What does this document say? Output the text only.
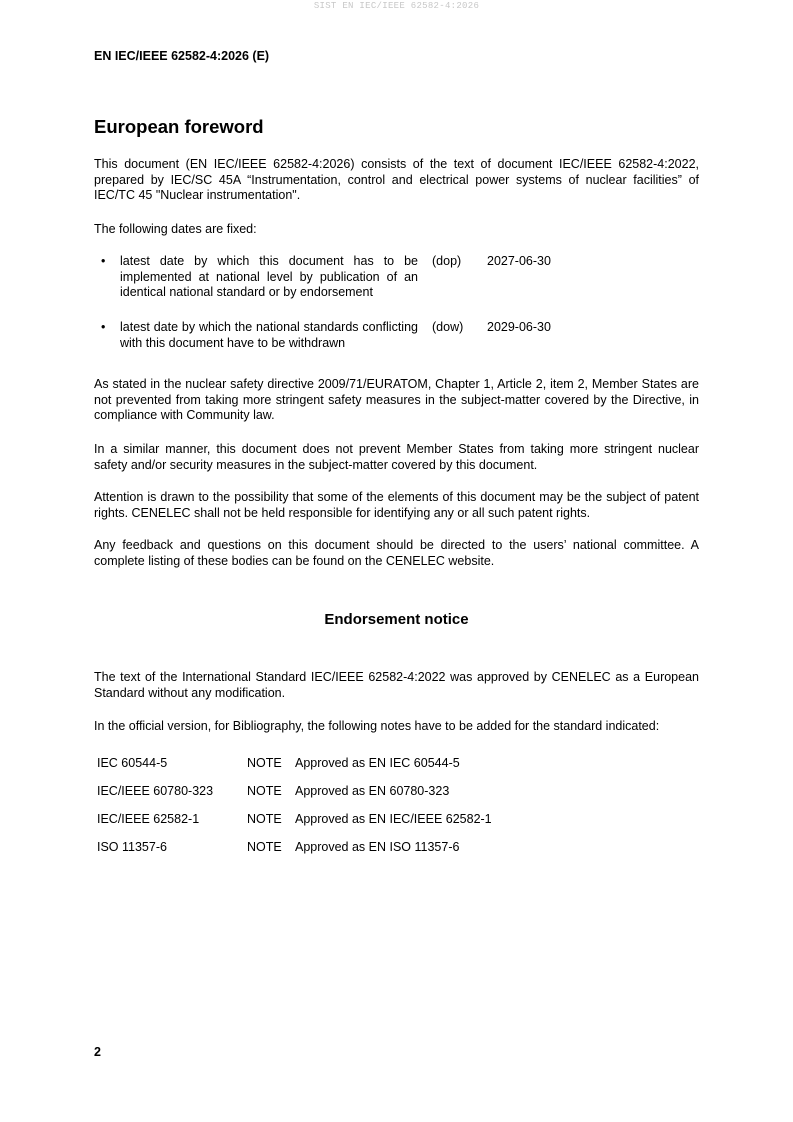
SIST EN IEC/IEEE 62582-4:2026
EN IEC/IEEE 62582-4:2026 (E)
European foreword
This document (EN IEC/IEEE 62582-4:2026) consists of the text of document IEC/IEEE 62582-4:2022, prepared by IEC/SC 45A “Instrumentation, control and electrical power systems of nuclear facilities” of IEC/TC 45 "Nuclear instrumentation".
The following dates are fixed:
• latest date by which this document has to be implemented at national level by publication of an identical national standard or by endorsement
(dop) 2027-06-30
• latest date by which the national standards conflicting with this document have to be withdrawn
(dow) 2029-06-30
As stated in the nuclear safety directive 2009/71/EURATOM, Chapter 1, Article 2, item 2, Member States are not prevented from taking more stringent safety measures in the subject-matter covered by the Directive, in compliance with Community law.
In a similar manner, this document does not prevent Member States from taking more stringent nuclear safety and/or security measures in the subject-matter covered by this document.
Attention is drawn to the possibility that some of the elements of this document may be the subject of patent rights. CENELEC shall not be held responsible for identifying any or all such patent rights.
Any feedback and questions on this document should be directed to the users’ national committee. A complete listing of these bodies can be found on the CENELEC website.
Endorsement notice
The text of the International Standard IEC/IEEE 62582-4:2022 was approved by CENELEC as a European Standard without any modification.
In the official version, for Bibliography, the following notes have to be added for the standard indicated:
IEC 60544-5	NOTE Approved as EN IEC 60544-5
IEC/IEEE 60780-323	NOTE Approved as EN 60780-323
IEC/IEEE 62582-1	NOTE Approved as EN IEC/IEEE 62582-1
ISO 11357-6	NOTE Approved as EN ISO 11357-6
2
